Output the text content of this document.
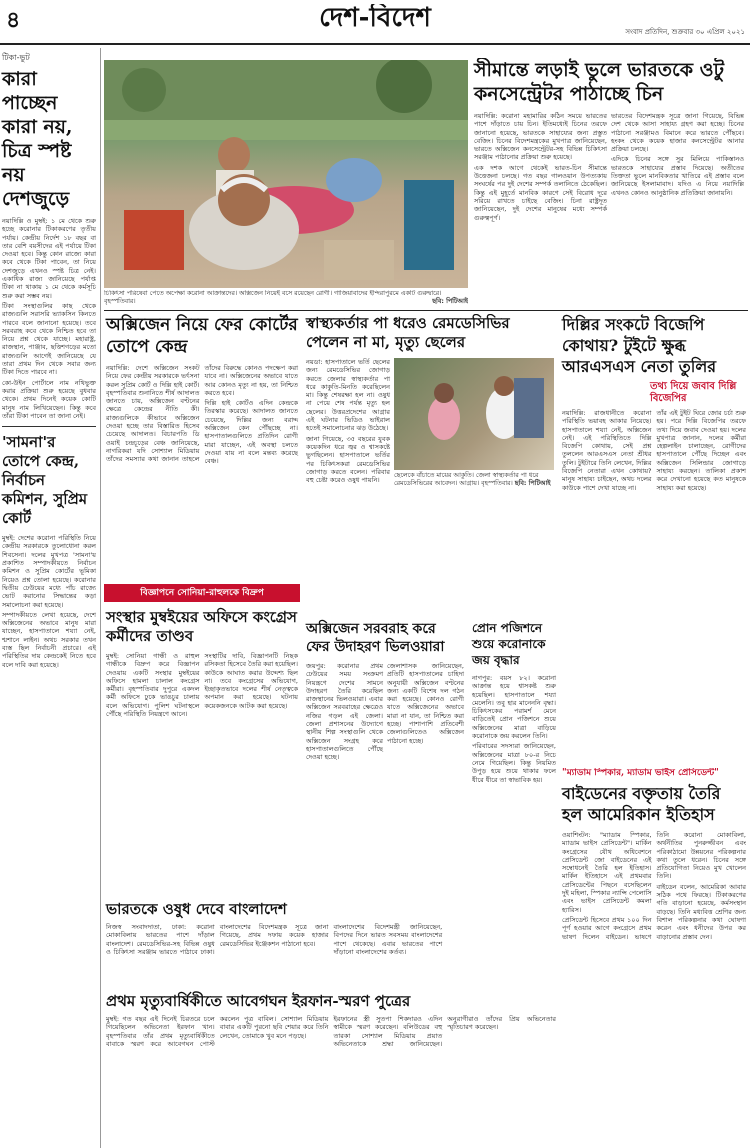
৪	দেশ-বিদেশ	সংবাদ প্রতিদিন, শুক্রবার ৩০ এপ্রিল ২০২১
টিকা-ভুট
কারা পাচ্ছেন কারা নয়, চিত্র স্পষ্ট নয় দেশজুড়ে

নয়াদিল্লি ও মুম্বই: ১ মে থেকে শুরু হচ্ছে করোনার টিকাকরণের তৃতীয় পর্যায়। কেন্দ্রীয় নির্দেশ ১৮ বছর বা তার বেশি বয়সীদের এই পর্যায়ে টিকা দেওয়া হবে। কিন্তু কোন রাজ্যে কারা কবে থেকে টিকা পাবেন, তা নিয়ে দেশজুড়ে এখনও স্পষ্ট চিত্র নেই। একাধিক রাজ্য জানিয়েছে পর্যাপ্ত টিকা না থাকায় ১ মে থেকে কর্মসূচি শুরু করা সম্ভব নয়।

টিকা সংস্থাগুলির কাছ থেকে রাজ্যগুলি সরাসরি ভ্যাকসিন কিনতে পারবে বলে জানানো হয়েছে। তবে সরবরাহ কবে থেকে নিশ্চিত হবে তা নিয়ে প্রশ্ন থেকে যাচ্ছে। মহারাষ্ট্র, রাজস্থান, পাঞ্জাব, ছত্তিশগড়ের মতো রাজ্যগুলি আগেই জানিয়েছে যে তারা প্রথম দিন থেকে সবার জন্য টিকা দিতে পারবে না।

কো-উইন পোর্টালে নাম নথিভুক্ত করার প্রক্রিয়া শুরু হয়েছে বুধবার থেকে। প্রথম দিনেই কয়েক কোটি মানুষ নাম লিখিয়েছেন। কিন্তু কবে তাঁরা টিকা পাবেন তা জানা নেই।

'সামনা'র তোপে কেন্দ্র, নির্বাচন কমিশন, সুপ্রিম কোর্ট

মুম্বই: দেশের করোনা পরিস্থিতি নিয়ে কেন্দ্রীয় সরকারকে তুলোধোনা করল শিবসেনা। দলের মুখপত্র 'সামনা'য় প্রকাশিত সম্পাদকীয়তে নির্বাচন কমিশন ও সুপ্রিম কোর্টের ভূমিকা নিয়েও প্রশ্ন তোলা হয়েছে। করোনার দ্বিতীয় ঢেউয়ের মধ্যে পাঁচ রাজ্যে ভোট করানোর সিদ্ধান্তের কড়া সমালোচনা করা হয়েছে।

সম্পাদকীয়তে লেখা হয়েছে, দেশে অক্সিজেনের অভাবে মানুষ মারা যাচ্ছেন, হাসপাতালে শয্যা নেই, শ্মশানে লাইন। অথচ সরকার তখন ব্যস্ত ছিল নির্বাচনী প্রচারে। এই পরিস্থিতির দায় কেন্দ্রকেই নিতে হবে বলে দাবি করা হয়েছে।

চিকিৎসা পরিষেবা পেতে অপেক্ষা করোনা আক্রান্তদের। অক্সিজেন নিয়েই বসে রয়েছেন রোগী। গাজিয়াবাদের ইন্দিরাপুরমে একটি গুরুদ্বারে। বৃহস্পতিবার।	ছবি: পিটিআই
সীমান্তে লড়াই ভুলে ভারতকে ওটু কনসেন্ট্রেটর পাঠাচ্ছে চিন

নয়াদিল্লি: করোনা মহামারির কঠিন সময়ে ভারতের পাশে দাঁড়াতে চায় চিন। ইতিমধ্যেই চিনের তরফে জানানো হয়েছে, ভারতকে সাহায্যের জন্য প্রস্তুত বেজিং। চিনের বিদেশমন্ত্রকের মুখপাত্র জানিয়েছেন, ভারতে অক্সিজেন কনসেন্ট্রেটর-সহ বিভিন্ন চিকিৎসা সরঞ্জাম পাঠানোর প্রক্রিয়া শুরু হয়েছে।

এক দশক আগে থেকেই ভারত-চিন সীমান্তে উত্তেজনা চলছে। গত বছর গালওয়ান উপত্যকায় সংঘর্ষের পর দুই দেশের সম্পর্ক তলানিতে ঠেকেছিল। কিন্তু এই মুহূর্তে মানবিক কারণে সেই বিরোধ দূরে সরিয়ে রাখতে চাইছে বেজিং। চিনা রাষ্ট্রদূত জানিয়েছেন, দুই দেশের মানুষের মধ্যে সম্পর্ক গুরুত্বপূর্ণ।

ভারতের বিদেশমন্ত্রক সূত্রে জানা গিয়েছে, বিভিন্ন দেশ থেকে আসা সাহায্য গ্রহণ করা হচ্ছে। চিনের পাঠানো সরঞ্জামও বিমানে করে ভারতে পৌঁছবে। হংকং থেকে কয়েক হাজার কনসেন্ট্রেটর আনার প্রক্রিয়া চলছে।

এদিকে চিনের সঙ্গে সুর মিলিয়ে পাকিস্তানও ভারতকে সাহায্যের প্রস্তাব দিয়েছে। অতীতের তিক্ততা ভুলে মানবিকতার খাতিরে এই প্রস্তাব বলে জানিয়েছে ইসলামাবাদ। যদিও এ নিয়ে নয়াদিল্লি এখনও কোনও আনুষ্ঠানিক প্রতিক্রিয়া জানায়নি।

অক্সিজেন নিয়ে ফের কোর্টের তোপে কেন্দ্র

নয়াদিল্লি: দেশে অক্সিজেন সংকট নিয়ে ফের কেন্দ্রীয় সরকারকে ভর্ৎসনা করল সুপ্রিম কোর্ট ও দিল্লি হাই কোর্ট। বৃহস্পতিবার শুনানিতে শীর্ষ আদালত জানতে চায়, অক্সিজেন বণ্টনের ক্ষেত্রে কেন্দ্রের নীতি কী। রাজ্যগুলিকে কীভাবে অক্সিজেন দেওয়া হচ্ছে তার বিস্তারিত হিসেব চেয়েছে আদালত। বিচারপতি ডি ওয়াই চন্দ্রচূড়ের বেঞ্চ জানিয়েছে, নাগরিকরা যদি সোশ্যাল মিডিয়ায় তাঁদের সমস্যার কথা জানান তাহলে তাঁদের বিরুদ্ধে কোনও পদক্ষেপ করা যাবে না। অক্সিজেনের অভাবে যাতে আর কোনও মৃত্যু না হয়, তা নিশ্চিত করতে হবে।

দিল্লি হাই কোর্টও এদিন কেন্দ্রকে তিরস্কার করেছে। আদালত জানতে চেয়েছে, দিল্লির জন্য বরাদ্দ অক্সিজেন কেন পৌঁছচ্ছে না। হাসপাতালগুলিতে প্রতিদিন রোগী মারা যাচ্ছেন, এই অবস্থা চলতে দেওয়া যায় না বলে মন্তব্য করেছে বেঞ্চ।

বিজ্ঞাপনে সোনিয়া-রাহুলকে বিদ্রুপ
স্বাস্থ্যকর্তার পা ধরেও রেমডেসিভির পেলেন না মা, মৃত্যু ছেলের

নয়ডা: হাসপাতালে ভর্তি ছেলের জন্য রেমডেসিভির জোগাড় করতে জেলার স্বাস্থ্যকর্তার পা ধরে কাকুতি-মিনতি করেছিলেন মা। কিন্তু শেষরক্ষা হল না। ওষুধ না পেয়ে শেষ পর্যন্ত মৃত্যু হল ছেলের। উত্তরপ্রদেশের আগ্রার এই ঘটনার ভিডিও ভাইরাল হতেই সমালোচনার ঝড় উঠেছে।

জানা গিয়েছে, ৩৫ বছরের যুবক কয়েকদিন ধরে জ্বর ও শ্বাসকষ্টে ভুগছিলেন। হাসপাতালে ভর্তির পর চিকিৎসকরা রেমডেসিভির জোগাড় করতে বলেন। পরিবার বহু চেষ্টা করেও ওষুধ পায়নি।

ছেলেকে বাঁচাতে মায়ের আকুতি। জেলা স্বাস্থ্যকর্তার পা ধরে রেমডেসিভিরের আবেদন। আগ্রায়। বৃহস্পতিবার। ছবি: পিটিআই
দিল্লির সংকটে বিজেপি কোথায়? টুইটে ক্ষুব্ধ আরএসএস নেতা তুলির
তথ্য দিয়ে জবাব দিল্লি বিজেপির

নয়াদিল্লি: রাজধানীতে করোনা পরিস্থিতি ভয়াবহ আকার নিয়েছে। হাসপাতালে শয্যা নেই, অক্সিজেন নেই। এই পরিস্থিতিতে দিল্লি বিজেপি কোথায়, সেই প্রশ্ন তুললেন আরএসএস নেতা শ্রীধর তুলি। টুইটারে তিনি লেখেন, দিল্লির বিজেপি নেতারা এখন কোথায়? মানুষ সাহায্য চাইছেন, অথচ দলের কাউকে পাশে দেখা যাচ্ছে না।

তাঁর এই টুইট ঘিরে জোর চর্চা শুরু হয়। পরে দিল্লি বিজেপির তরফে তথ্য দিয়ে জবাব দেওয়া হয়। দলের মুখপাত্র জানান, দলের কর্মীরা হেল্পলাইন চালাচ্ছেন, রোগীদের হাসপাতালে পৌঁছে দিচ্ছেন এবং অক্সিজেন সিলিন্ডার জোগাড়ে সাহায্য করছেন। তালিকা প্রকাশ করে দেখানো হয়েছে কত মানুষকে সাহায্য করা হয়েছে।

সংস্থার মুম্বইয়ের অফিসে কংগ্রেস কর্মীদের তাণ্ডব

মুম্বই: সোনিয়া গান্ধী ও রাহুল গান্ধীকে বিদ্রুপ করে বিজ্ঞাপন দেওয়ায় একটি সংস্থার মুম্বইয়ের অফিসে হামলা চালাল কংগ্রেস কর্মীরা। বৃহস্পতিবার দুপুরে একদল কর্মী অফিসে ঢুকে ভাঙচুর চালায় বলে অভিযোগ। পুলিশ ঘটনাস্থলে পৌঁছে পরিস্থিতি নিয়ন্ত্রণে আনে।

সংস্থাটির দাবি, বিজ্ঞাপনটি নিছক রসিকতা হিসেবে তৈরি করা হয়েছিল। কাউকে আঘাত করার উদ্দেশ্য ছিল না। তবে কংগ্রেসের অভিযোগ, ইচ্ছাকৃতভাবে দলের শীর্ষ নেতৃত্বকে অপমান করা হয়েছে। ঘটনায় কয়েকজনকে আটক করা হয়েছে।

অক্সিজেন সরবরাহ করে ফের উদাহরণ ভিলওয়ারা

জয়পুর: করোনার প্রথম ঢেউয়ের সময় সংক্রমণ নিয়ন্ত্রণে দেশের সামনে উদাহরণ তৈরি করেছিল রাজস্থানের ভিলওয়ারা। এবার অক্সিজেন সরবরাহের ক্ষেত্রেও নজির গড়ল এই জেলা। জেলা প্রশাসনের উদ্যোগে স্থানীয় শিল্প সংস্থাগুলি থেকে অক্সিজেন সংগ্রহ করে হাসপাতালগুলিতে পৌঁছে দেওয়া হচ্ছে।

জেলাশাসক জানিয়েছেন, প্রতিটি হাসপাতালের চাহিদা অনুযায়ী অক্সিজেন বণ্টনের জন্য একটি বিশেষ দল গঠন করা হয়েছে। কোনও রোগী যাতে অক্সিজেনের অভাবে মারা না যান, তা নিশ্চিত করা হচ্ছে। পাশাপাশি প্রতিবেশী জেলাগুলিতেও অক্সিজেন পাঠানো হচ্ছে।

প্রোন পজিশনে শুয়ে করোনাকে জয় বৃদ্ধার

নাগপুর: বয়স ৮২। করোনা আক্রান্ত হয়ে শ্বাসকষ্ট শুরু হয়েছিল। হাসপাতালে শয্যা মেলেনি। তবু হার মানেননি বৃদ্ধা। চিকিৎসকের পরামর্শ মেনে বাড়িতেই প্রোন পজিশনে শুয়ে অক্সিজেনের মাত্রা বাড়িয়ে করোনাকে জয় করলেন তিনি।

পরিবারের সদস্যরা জানিয়েছেন, অক্সিজেনের মাত্রা ৮০-র নিচে নেমে গিয়েছিল। কিন্তু নিয়মিত উপুড় হয়ে শুয়ে থাকার ফলে ধীরে ধীরে তা স্বাভাবিক হয়।

"ম্যাডাম স্পিকার, ম্যাডাম ভাইস প্রেসিডেন্ট"
বাইডেনের বক্তৃতায় তৈরি হল আমেরিকান ইতিহাস

ওয়াশিংটন: "ম্যাডাম স্পিকার, ম্যাডাম ভাইস প্রেসিডেন্ট"। মার্কিন কংগ্রেসের যৌথ অধিবেশনে প্রেসিডেন্ট জো বাইডেনের এই সম্বোধনেই তৈরি হল ইতিহাস। মার্কিন ইতিহাসে এই প্রথমবার প্রেসিডেন্টের পিছনে বসেছিলেন দুই মহিলা, স্পিকার ন্যান্সি পেলোসি এবং ভাইস প্রেসিডেন্ট কমলা হ্যারিস।

প্রেসিডেন্ট হিসেবে প্রথম ১০০ দিন পূর্ণ হওয়ার আগে কংগ্রেসে প্রথম ভাষণ দিলেন বাইডেন। ভাষণে তিনি করোনা মোকাবিলা, অর্থনীতির পুনরুজ্জীবন এবং পরিকাঠামো উন্নয়নের পরিকল্পনার কথা তুলে ধরেন। চিনের সঙ্গে প্রতিযোগিতা নিয়েও মুখ খোলেন তিনি।

বাইডেন বলেন, আমেরিকা আবার সঠিক পথে ফিরছে। টিকাকরণের গতি বাড়ানো হয়েছে, কর্মসংস্থান বাড়ছে। তিনি মধ্যবিত্ত শ্রেণির জন্য বিশাল পরিকল্পনার কথা ঘোষণা করেন এবং ধনীদের উপর কর বাড়ানোর প্রস্তাব দেন।

ভারতকে ওষুধ দেবে বাংলাদেশ

নিজস্ব সংবাদদাতা, ঢাকা: করোনা মোকাবিলায় ভারতের পাশে দাঁড়াল বাংলাদেশ। রেমডেসিভির-সহ বিভিন্ন ওষুধ ও চিকিৎসা সরঞ্জাম ভারতে পাঠাবে ঢাকা। বাংলাদেশের বিদেশমন্ত্রক সূত্রে জানা গিয়েছে, প্রথম দফায় কয়েক হাজার রেমডেসিভির ইঞ্জেকশন পাঠানো হবে।

বাংলাদেশের বিদেশমন্ত্রী জানিয়েছেন, বিপদের দিনে ভারত সবসময় বাংলাদেশের পাশে থেকেছে। এবার ভারতের পাশে দাঁড়ানো বাংলাদেশের কর্তব্য।

প্রথম মৃত্যুবার্ষিকীতে আবেগঘন ইরফান-স্মরণ পুত্রের

মুম্বই: গত বছর এই দিনেই চিরতরে চলে গিয়েছিলেন অভিনেতা ইরফান খান। বৃহস্পতিবার তাঁর প্রথম মৃত্যুবার্ষিকীতে বাবাকে স্মরণ করে আবেগঘন পোস্ট করলেন পুত্র বাবিল। সোশ্যাল মিডিয়ায় বাবার একটি পুরনো ছবি শেয়ার করে তিনি লেখেন, তোমাকে খুব মনে পড়ছে।

ইরফানের স্ত্রী সুতপা শিকদারও এদিন স্বামীকে স্মরণ করেছেন। বলিউডের বহু তারকা সোশ্যাল মিডিয়ায় প্রয়াত অভিনেতাকে শ্রদ্ধা জানিয়েছেন। অনুরাগীরাও তাঁদের প্রিয় অভিনেতার স্মৃতিচারণ করেছেন।
